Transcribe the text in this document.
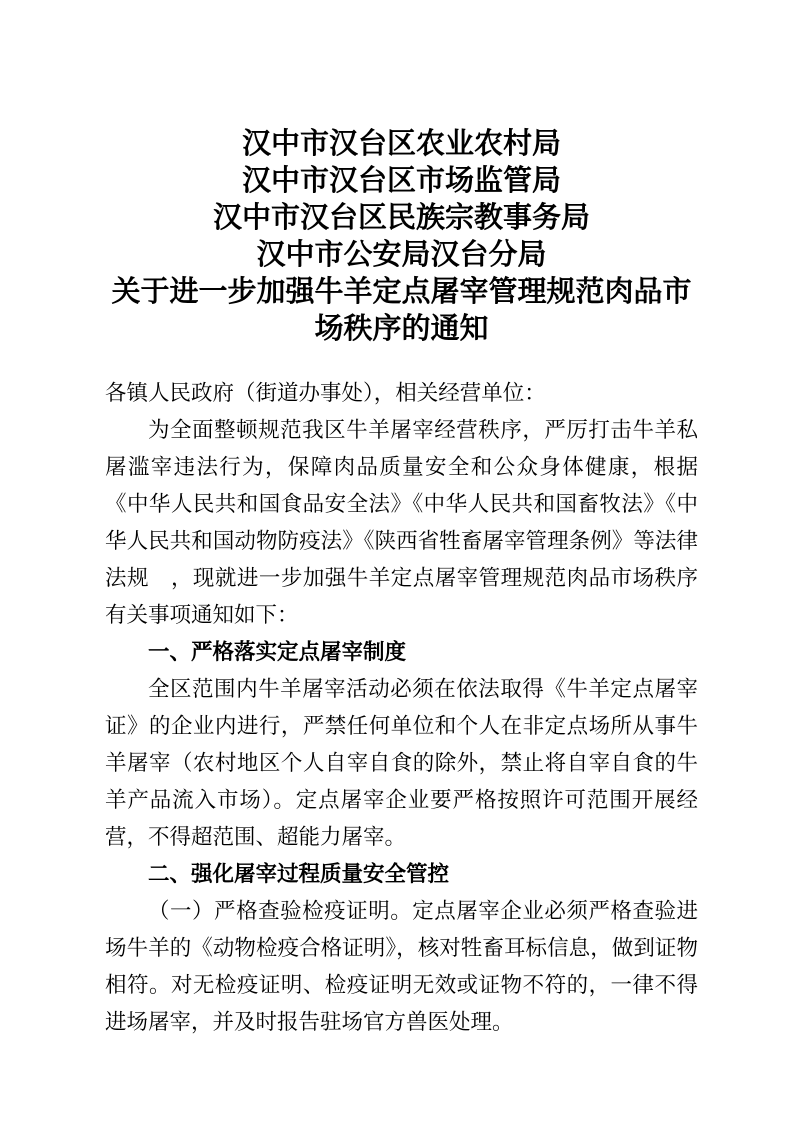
汉中市汉台区农业农村局
汉中市汉台区市场监管局
汉中市汉台区民族宗教事务局
汉中市公安局汉台分局
关于进一步加强牛羊定点屠宰管理规范肉品市场秩序的通知

各镇人民政府（街道办事处），相关经营单位：

为全面整顿规范我区牛羊屠宰经营秩序，严厉打击牛羊私屠滥宰违法行为，保障肉品质量安全和公众身体健康，根据《中华人民共和国食品安全法》《中华人民共和国畜牧法》《中华人民共和国动物防疫法》《陕西省牲畜屠宰管理条例》等法律法规　，现就进一步加强牛羊定点屠宰管理规范肉品市场秩序有关事项通知如下：

一、严格落实定点屠宰制度

全区范围内牛羊屠宰活动必须在依法取得《牛羊定点屠宰证》的企业内进行，严禁任何单位和个人在非定点场所从事牛羊屠宰（农村地区个人自宰自食的除外，禁止将自宰自食的牛羊产品流入市场）。定点屠宰企业要严格按照许可范围开展经营，不得超范围、超能力屠宰。

二、强化屠宰过程质量安全管控

（一）严格查验检疫证明。定点屠宰企业必须严格查验进场牛羊的《动物检疫合格证明》，核对牲畜耳标信息，做到证物相符。对无检疫证明、检疫证明无效或证物不符的，一律不得进场屠宰，并及时报告驻场官方兽医处理。
